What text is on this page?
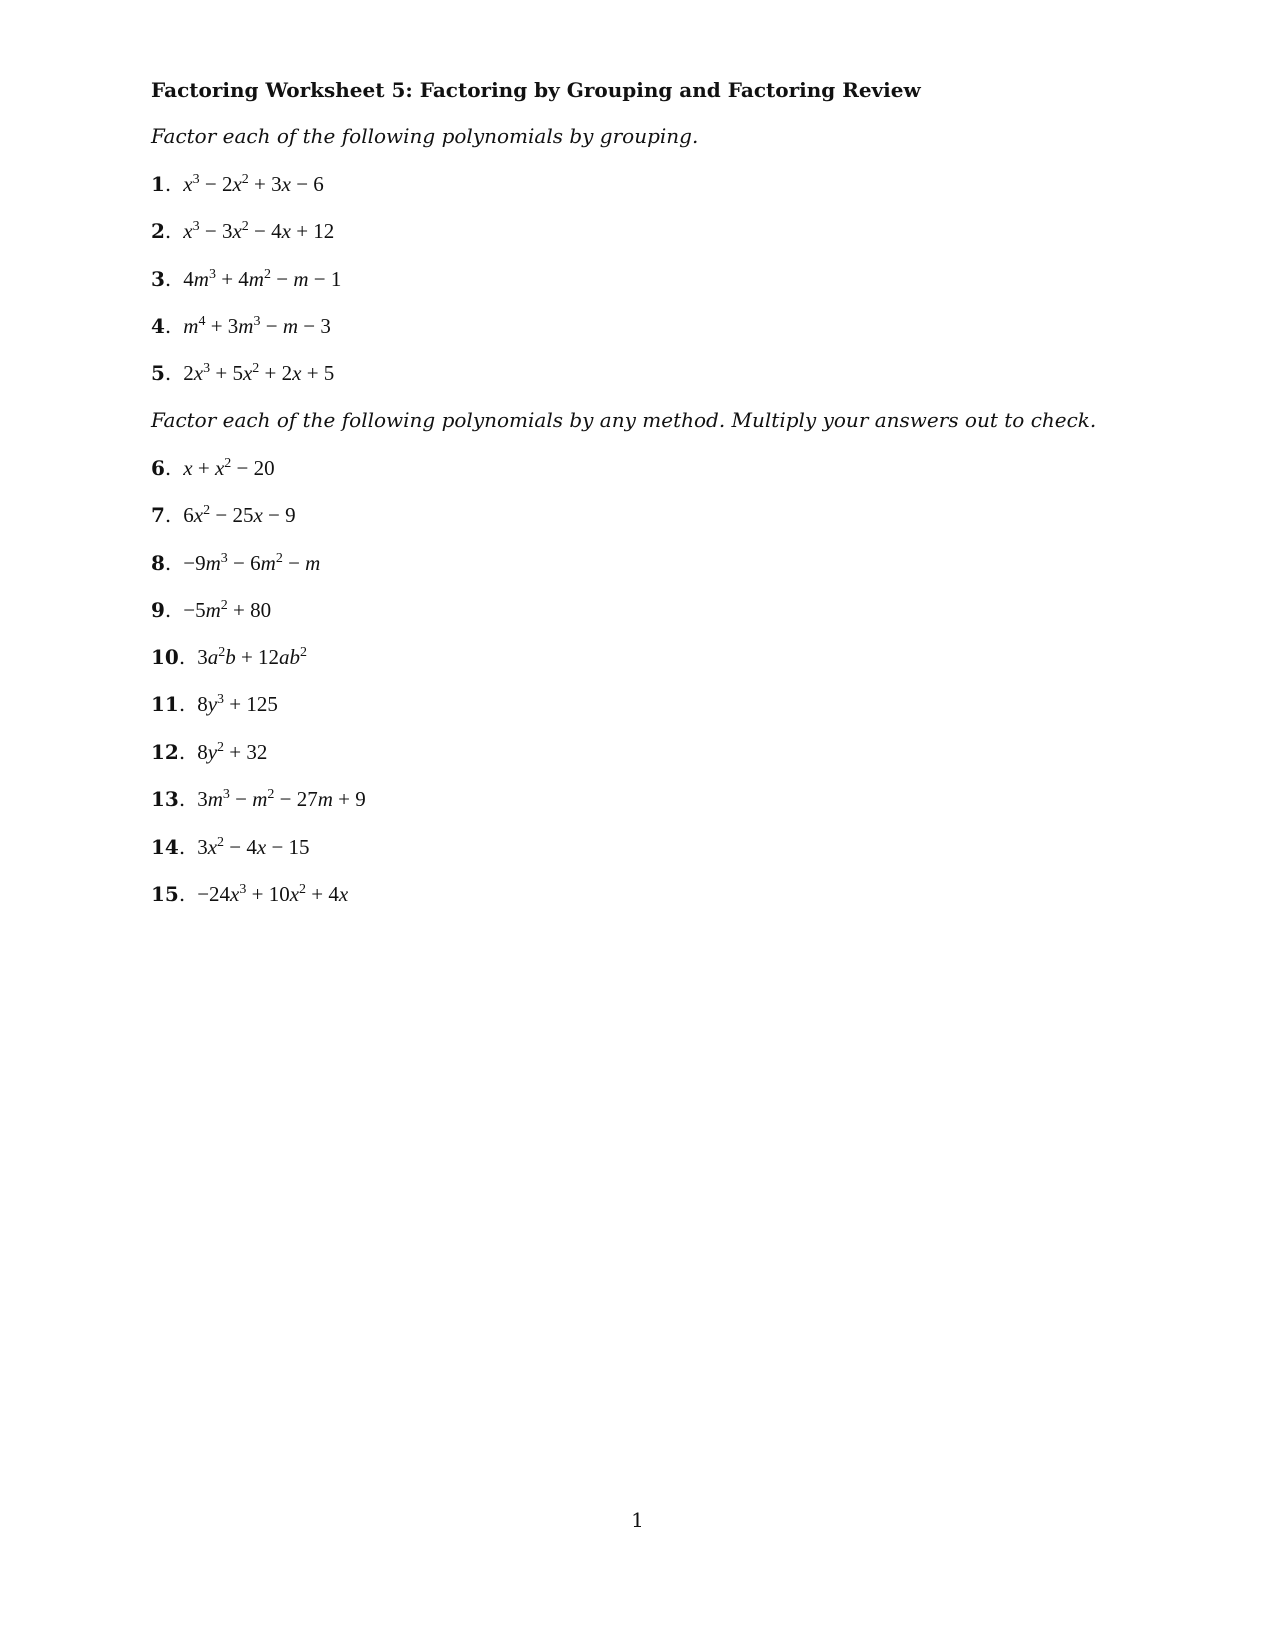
Factoring Worksheet 5: Factoring by Grouping and Factoring Review
Factor each of the following polynomials by grouping.
1 . $x^3 - 2x^2 + 3x - 6$
2 . $x^3 - 3x^2 - 4x + 12$
3 . $4m^3 + 4m^2 - m - 1$
4 . $m^4 + 3m^3 - m - 3$
5 . $2x^3 + 5x^2 + 2x + 5$
Factor each of the following polynomials by any method. Multiply your answers out to check.
6 . $x + x^2 - 20$
7 . $6x^2 - 25x - 9$
8 . $-9m^3 - 6m^2 - m$
9 . $-5m^2 + 80$
10 . $3a^2b + 12ab^2$
11 . $8y^3 + 125$
12 . $8y^2 + 32$
13 . $3m^3 - m^2 - 27m + 9$
14 . $3x^2 - 4x - 15$
15 . $-24x^3 + 10x^2 + 4x$
1
